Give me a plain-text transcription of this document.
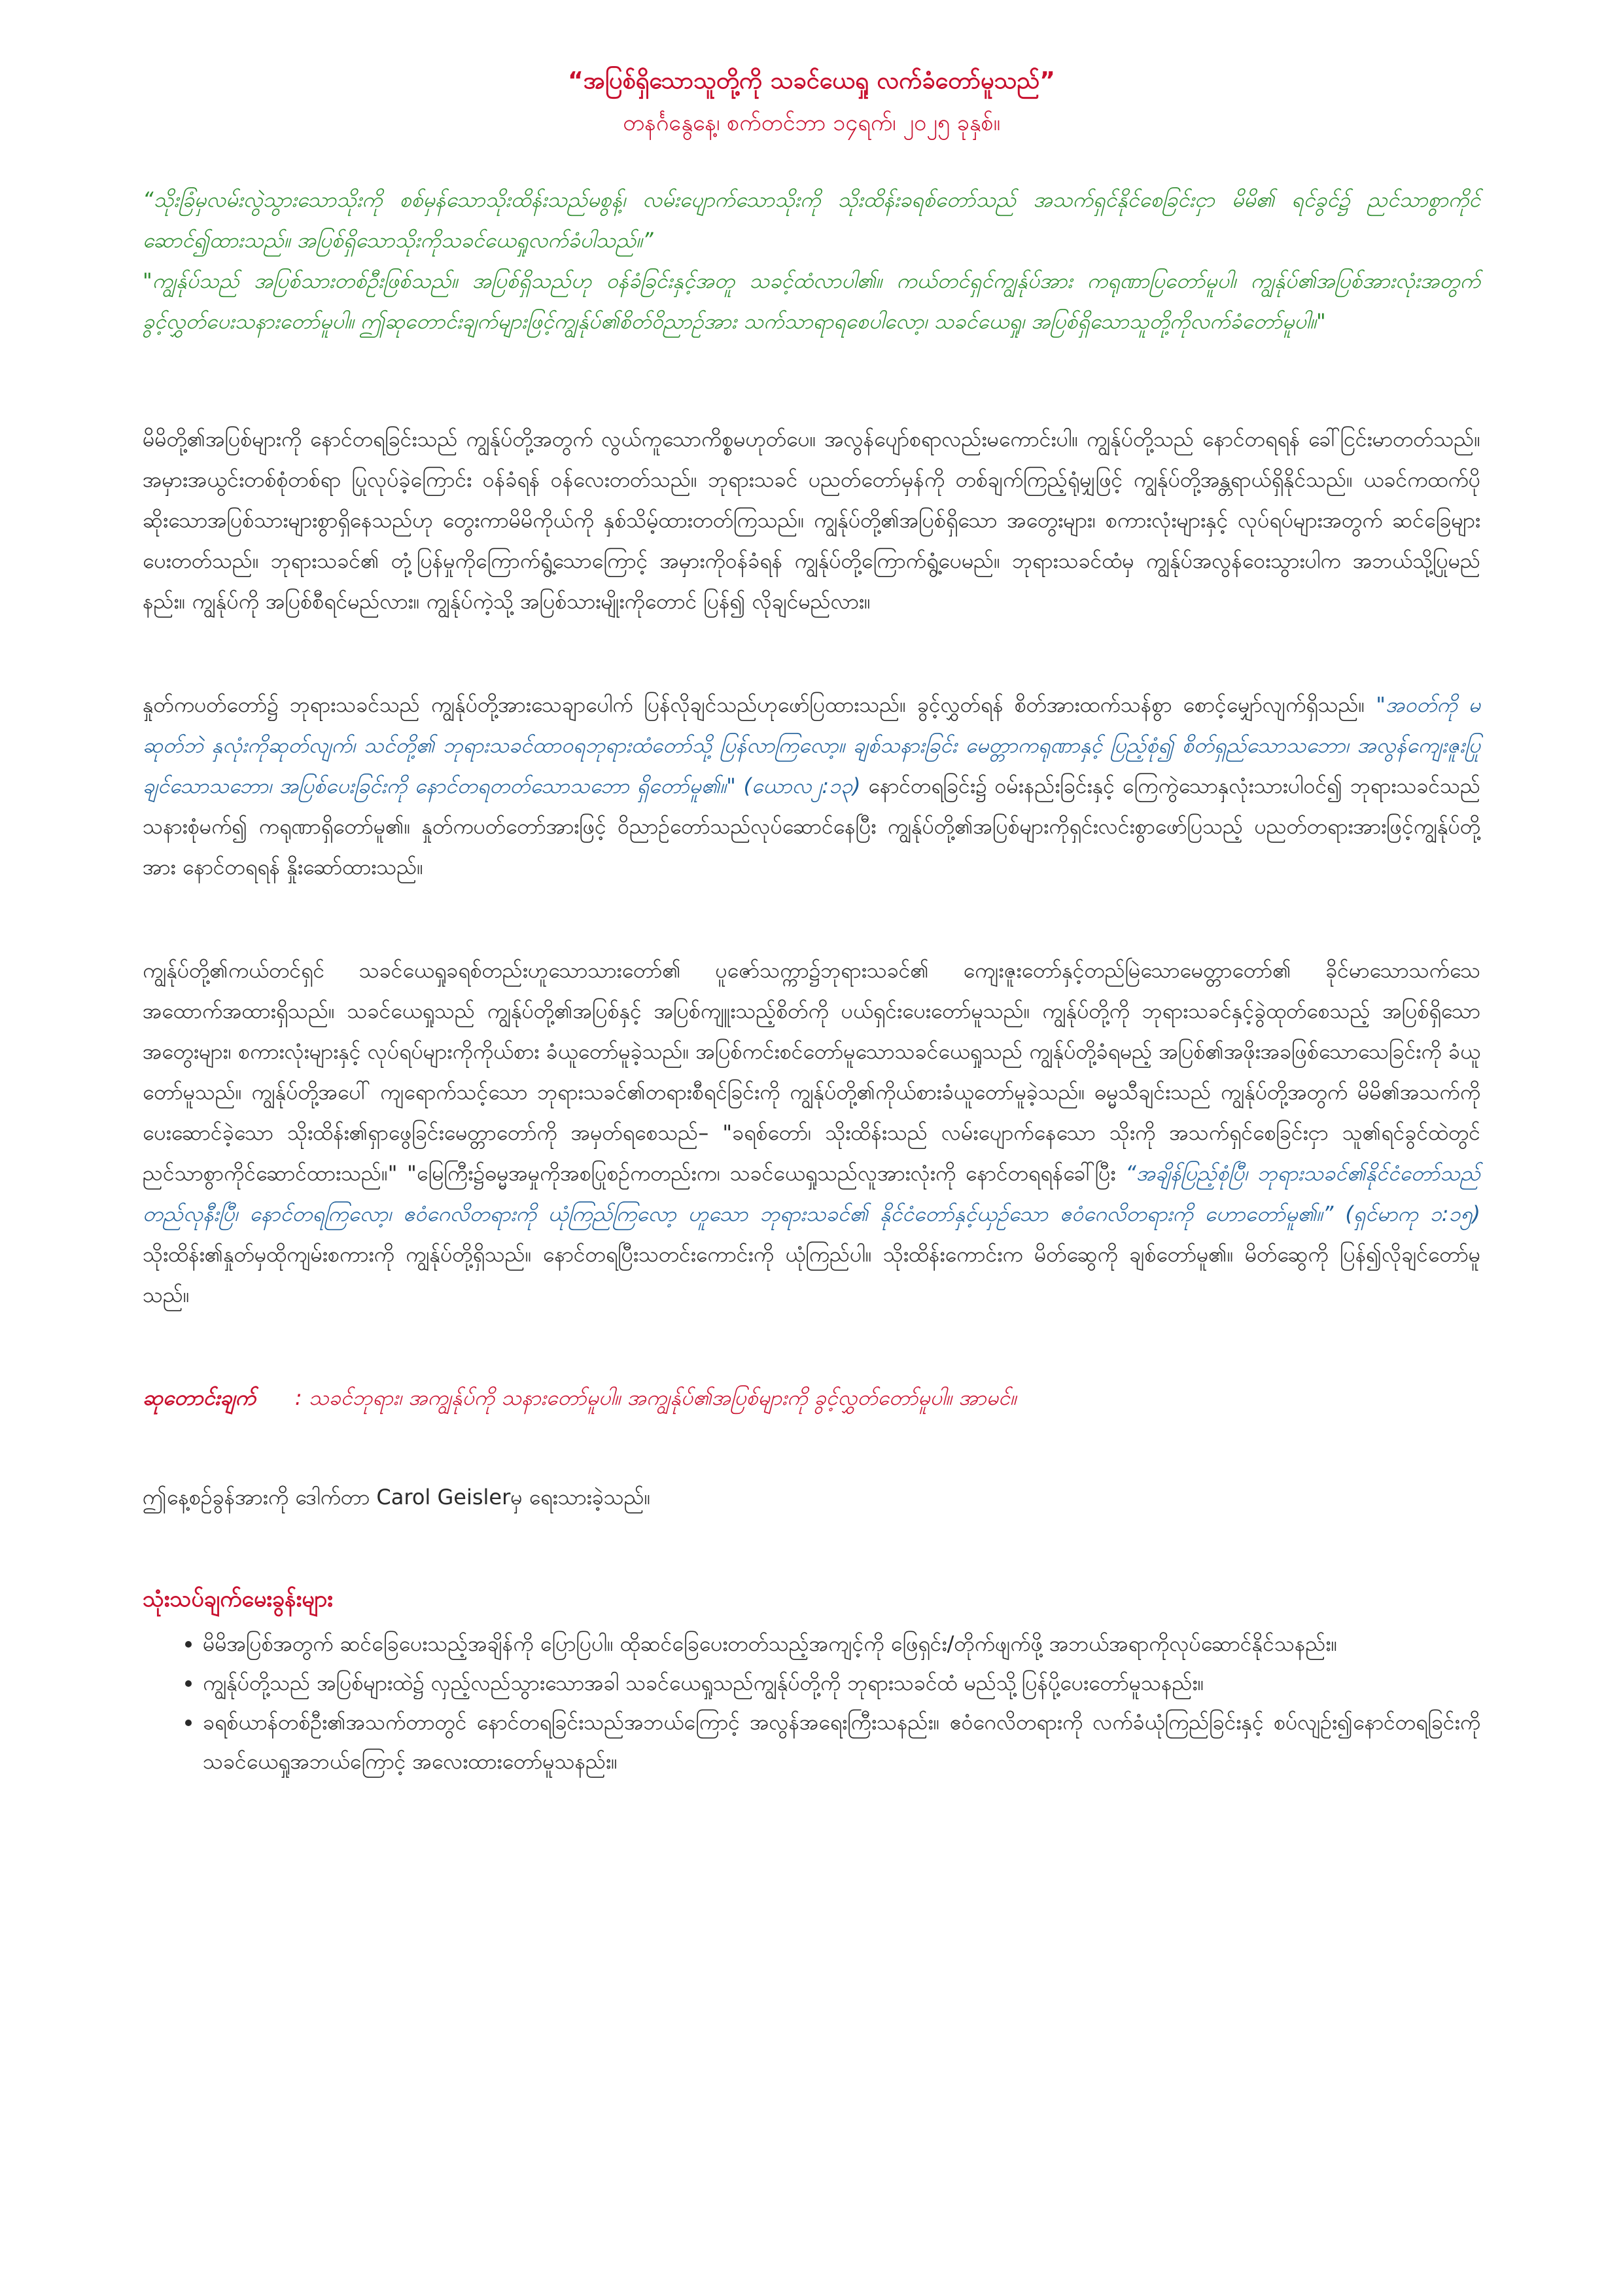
“အပြစ်ရှိသောသူတို့ကို သခင်ယေရှု လက်ခံတော်မူသည်”

တနင်္ဂနွေနေ့၊ စက်တင်ဘာ ၁၄ရက်၊ ၂၀၂၅ ခုနှစ်။

“သိုးခြံမှလမ်းလွဲသွားသောသိုးကို စစ်မှန်သောသိုးထိန်းသည်မစွန့်၊ လမ်းပျောက်သောသိုးကို သိုးထိန်းခရစ်တော်သည် အသက်ရှင်နိုင်စေခြင်းငှာ မိမိ၏ ရင်ခွင်၌ ညင်သာစွာကိုင်ဆောင်၍ထားသည်။ အပြစ်ရှိသောသိုးကိုသခင်ယေရှုလက်ခံပါသည်။”
"ကျွန်ုပ်သည် အပြစ်သားတစ်ဦးဖြစ်သည်။ အပြစ်ရှိသည်ဟု ဝန်ခံခြင်းနှင့်အတူ သခင့်ထံလာပါ၏။ ကယ်တင်ရှင်ကျွန်ုပ်အား ကရုဏာပြတော်မူပါ၊ ကျွန်ုပ်၏အပြစ်အားလုံးအတွက် ခွင့်လွှတ်ပေးသနားတော်မူပါ။ ဤဆုတောင်းချက်များဖြင့်ကျွန်ုပ်၏စိတ်ဝိညာဉ်အား သက်သာရာရစေပါလော့၊ သခင်ယေရှု၊ အပြစ်ရှိသောသူတို့ကိုလက်ခံတော်မူပါ။"

မိမိတို့၏အပြစ်များကို နောင်တရခြင်းသည် ကျွန်ုပ်တို့အတွက် လွယ်ကူသောကိစ္စမဟုတ်ပေ။ အလွန်ပျော်စရာလည်းမကောင်းပါ။ ကျွန်ုပ်တို့သည် နောင်တရရန် ခေါ်ငြင်းမာတတ်သည်။ အမှားအယွင်းတစ်စုံတစ်ရာ ပြုလုပ်ခဲ့ကြောင်း ဝန်ခံရန် ဝန်လေးတတ်သည်။ ဘုရားသခင် ပညတ်တော်မှန်ကို တစ်ချက်ကြည့်ရုံမျှဖြင့် ကျွန်ုပ်တို့အန္တရာယ်ရှိနိုင်သည်။ ယခင်ကထက်ပိုဆိုးသောအပြစ်သားများစွာရှိနေသည်ဟု တွေးကာမိမိကိုယ်ကို နှစ်သိမ့်ထားတတ်ကြသည်။ ကျွန်ုပ်တို့၏အပြစ်ရှိသော အတွေးများ၊ စကားလုံးများနှင့် လုပ်ရပ်များအတွက် ဆင်ခြေများပေးတတ်သည်။ ဘုရားသခင်၏ တုံ့ပြန်မှုကိုကြောက်ရွံ့သောကြောင့် အမှားကိုဝန်ခံရန် ကျွန်ုပ်တို့ကြောက်ရွံ့ပေမည်။ ဘုရားသခင်ထံမှ ကျွန်ုပ်အလွန်ဝေးသွားပါက အဘယ်သို့ပြုမည်နည်း။ ကျွန်ုပ်ကို အပြစ်စီရင်မည်လား။ ကျွန်ုပ်ကဲ့သို့ အပြစ်သားမျိုးကိုတောင် ပြန်၍ လိုချင်မည်လား။

နှုတ်ကပတ်တော်၌ ဘုရားသခင်သည် ကျွန်ုပ်တို့အားသေချာပေါက် ပြန်လိုချင်သည်ဟုဖော်ပြထားသည်။ ခွင့်လွှတ်ရန် စိတ်အားထက်သန်စွာ စောင့်မျှော်လျက်ရှိသည်။ "အဝတ်ကို မဆုတ်ဘဲ နှလုံးကိုဆုတ်လျက်၊ သင်တို့၏ ဘုရားသခင်ထာဝရဘုရားထံတော်သို့ ပြန်လာကြလော့။ ချစ်သနားခြင်း မေတ္တာကရုဏာနှင့် ပြည့်စုံ၍ စိတ်ရှည်သောသဘော၊ အလွန်ကျေးဇူးပြုချင်သောသဘော၊ အပြစ်ပေးခြင်းကို နောင်တရတတ်သောသဘော ရှိတော်မူ၏။" (ယောလ၂:၁၃) နောင်တရခြင်း၌ ဝမ်းနည်းခြင်းနှင့် ကြေကွဲသောနှလုံးသားပါဝင်၍ ဘုရားသခင်သည် သနားစုံမက်၍ ကရုဏာရှိတော်မူ၏။ နှုတ်ကပတ်တော်အားဖြင့် ဝိညာဉ်တော်သည်လုပ်ဆောင်နေပြီး ကျွန်ုပ်တို့၏အပြစ်များကိုရှင်းလင်းစွာဖော်ပြသည့် ပညတ်တရားအားဖြင့်ကျွန်ုပ်တို့အား နောင်တရရန် နှိုးဆော်ထားသည်။

ကျွန်ုပ်တို့၏ကယ်တင်ရှင် သခင်ယေရှုခရစ်တည်းဟူသောသားတော်၏ ပူဇော်သက္ကာ၌ဘုရားသခင်၏ ကျေးဇူးတော်နှင့်တည်မြဲသောမေတ္တာတော်၏ ခိုင်မာသောသက်သေအထောက်အထားရှိသည်။ သခင်ယေရှုသည် ကျွန်ုပ်တို့၏အပြစ်နှင့် အပြစ်ကျူးသည့်စိတ်ကို ပယ်ရှင်းပေးတော်မူသည်။ ကျွန်ုပ်တို့ကို ဘုရားသခင်နှင့်ခွဲထုတ်စေသည့် အပြစ်ရှိသောအတွေးများ၊ စကားလုံးများနှင့် လုပ်ရပ်များကိုကိုယ်စား ခံယူတော်မူခဲ့သည်။ အပြစ်ကင်းစင်တော်မူသောသခင်ယေရှုသည် ကျွန်ုပ်တို့ခံရမည့် အပြစ်၏အဖိုးအခဖြစ်သောသေခြင်းကို ခံယူတော်မူသည်။ ကျွန်ုပ်တို့အပေါ် ကျရောက်သင့်သော ဘုရားသခင်၏တရားစီရင်ခြင်းကို ကျွန်ုပ်တို့၏ကိုယ်စားခံယူတော်မူခဲ့သည်။ ဓမ္မသီချင်းသည် ကျွန်ုပ်တို့အတွက် မိမိ၏အသက်ကို ပေးဆောင်ခဲ့သော သိုးထိန်း၏ရှာဖွေခြင်းမေတ္တာတော်ကို အမှတ်ရစေသည်– "ခရစ်တော်၊ သိုးထိန်းသည် လမ်းပျောက်နေသော သိုးကို အသက်ရှင်စေခြင်းငှာ သူ၏ရင်ခွင်ထဲတွင် ညင်သာစွာကိုင်ဆောင်ထားသည်။" "မြေကြီး၌ဓမ္မအမှုကိုအစပြုစဉ်ကတည်းက၊ သခင်ယေရှုသည်လူအားလုံးကို နောင်တရရန်ခေါ်ပြီး “အချိန်ပြည့်စုံပြီ၊ ဘုရားသခင်၏နိုင်ငံတော်သည် တည်လုနီးပြီ၊ နောင်တရကြလော့၊ ဧဝံဂေလိတရားကို ယုံကြည်ကြလော့ ဟူသော ဘုရားသခင်၏ နိုင်ငံတော်နှင့်ယှဉ်သော ဧဝံဂေလိတရားကို ဟောတော်မူ၏။” (ရှင်မာကု ၁:၁၅) သိုးထိန်း၏နှုတ်မှထိုကျမ်းစကားကို ကျွန်ုပ်တို့ရှိသည်။ နောင်တရပြီးသတင်းကောင်းကို ယုံကြည်ပါ။ သိုးထိန်းကောင်းက မိတ်ဆွေကို ချစ်တော်မူ၏။ မိတ်ဆွေကို ပြန်၍လိုချင်တော်မူသည်။

ဆုတောင်းချက် : သခင်ဘုရား၊ အကျွန်ုပ်ကို သနားတော်မူပါ။ အကျွန်ုပ်၏အပြစ်များကို ခွင့်လွှတ်တော်မူပါ။ အာမင်။

ဤနေ့စဉ်ခွန်အားကို ဒေါက်တာ Carol Geislerမှ ရေးသားခဲ့သည်။

သုံးသပ်ချက်မေးခွန်းများ
• မိမိအပြစ်အတွက် ဆင်ခြေပေးသည့်အချိန်ကို ပြောပြပါ။ ထိုဆင်ခြေပေးတတ်သည့်အကျင့်ကို ဖြေရှင်း/တိုက်ဖျက်ဖို့ အဘယ်အရာကိုလုပ်ဆောင်နိုင်သနည်း။
• ကျွန်ုပ်တို့သည် အပြစ်များထဲ၌ လှည့်လည်သွားသောအခါ သခင်ယေရှုသည်ကျွန်ုပ်တို့ကို ဘုရားသခင်ထံ မည်သို့ပြန်ပို့ပေးတော်မူသနည်း။
• ခရစ်ယာန်တစ်ဦး၏အသက်တာတွင် နောင်တရခြင်းသည်အဘယ်ကြောင့် အလွန်အရေးကြီးသနည်း။ ဧဝံဂေလိတရားကို လက်ခံယုံကြည်ခြင်းနှင့် စပ်လျဉ်း၍နောင်တရခြင်းကို သခင်ယေရှုအဘယ်ကြောင့် အလေးထားတော်မူသနည်း။
